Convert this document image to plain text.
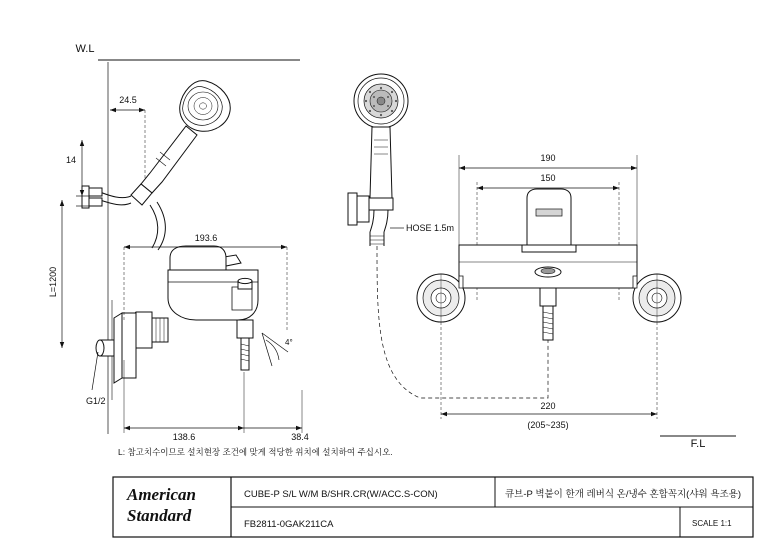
W.L
4°
G1/2
24.5
14
L=1200
193.6
138.6	38.4
HOSE 1.5m
190
150
220
(205~235)
F.L
L: 참고치수이므로 설치현장 조건에 맞게 적당한 위치에 설치하여 주십시오.
American
Standard
CUBE-P S/L W/M B/SHR.CR(W/ACC.S-CON)	큐브-P 벽붙이 한개 레버식 온/냉수 혼합꼭지(샤워 욕조용)
FB2811-0GAK211CA	SCALE 1:1
